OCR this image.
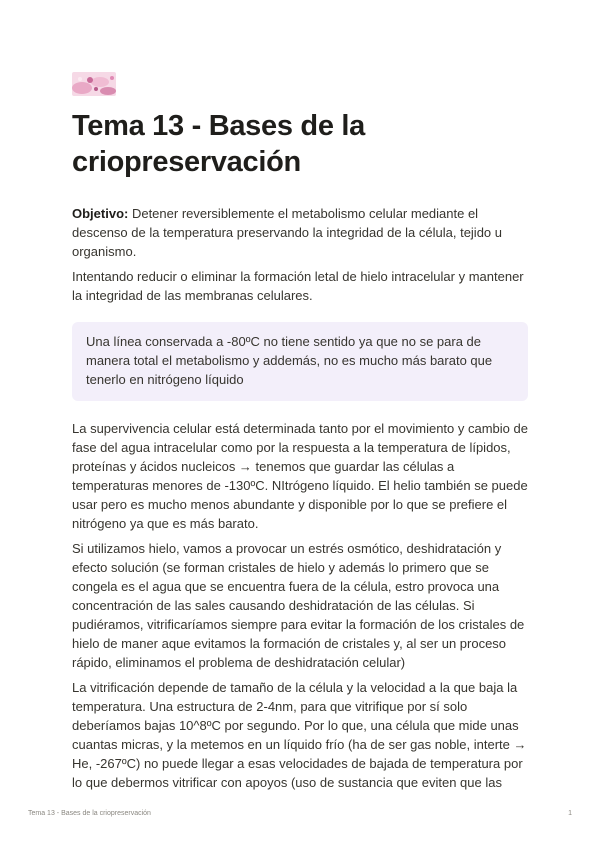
Tema 13 - Bases de la criopreservación

Objetivo: Detener reversiblemente el metabolismo celular mediante el descenso de la temperatura preservando la integridad de la célula, tejido u organismo.

Intentando reducir o eliminar la formación letal de hielo intracelular y mantener la integridad de las membranas celulares.

Una línea conservada a -80ºC no tiene sentido ya que no se para de manera total el metabolismo y addemás, no es mucho más barato que tenerlo en nitrógeno líquido

La supervivencia celular está determinada tanto por el movimiento y cambio de fase del agua intracelular como por la respuesta a la temperatura de lípidos, proteínas y ácidos nucleicos → tenemos que guardar las células a temperaturas menores de -130ºC. NItrógeno líquido. El helio también se puede usar pero es mucho menos abundante y disponible por lo que se prefiere el nitrógeno ya que es más barato.

Si utilizamos hielo, vamos a provocar un estrés osmótico, deshidratación y efecto solución (se forman cristales de hielo y además lo primero que se congela es el agua que se encuentra fuera de la célula, estro provoca una concentración de las sales causando deshidratación de las células. Si pudiéramos, vitrificaríamos siempre para evitar la formación de los cristales de hielo de maner aque evitamos la formación de cristales y, al ser un proceso rápido, eliminamos el problema de deshidratación celular)

La vitrificación depende de tamaño de la célula y la velocidad a la que baja la temperatura. Una estructura de 2-4nm, para que vitrifique por sí solo deberíamos bajas 10^8ºC por segundo. Por lo que, una célula que mide unas cuantas micras, y la metemos en un líquido frío (ha de ser gas noble, interte → He, -267ºC) no puede llegar a esas velocidades de bajada de temperatura por lo que debermos vitrificar con apoyos (uso de sustancia que eviten que las

Tema 13 - Bases de la criopreservación	1
